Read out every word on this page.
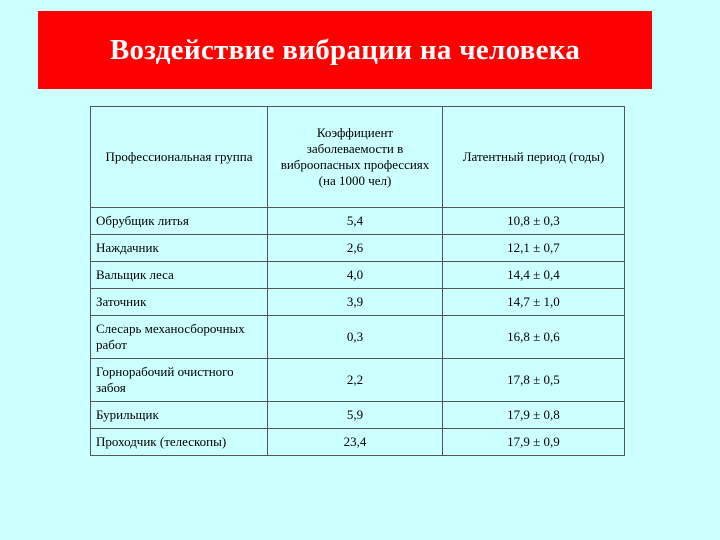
Воздействие вибрации на человека
Профессиональная группа	Коэффициент заболеваемости в виброопасных профессиях (на 1000 чел)	Латентный период (годы)
Обрубщик литья	5,4	10,8 ± 0,3
Наждачник	2,6	12,1 ± 0,7
Вальщик леса	4,0	14,4 ± 0,4
Заточник	3,9	14,7 ± 1,0
Слесарь механосборочных работ	0,3	16,8 ± 0,6
Горнорабочий очистного забоя	2,2	17,8 ± 0,5
Бурильщик	5,9	17,9 ± 0,8
Проходчик (телескопы)	23,4	17,9 ± 0,9
